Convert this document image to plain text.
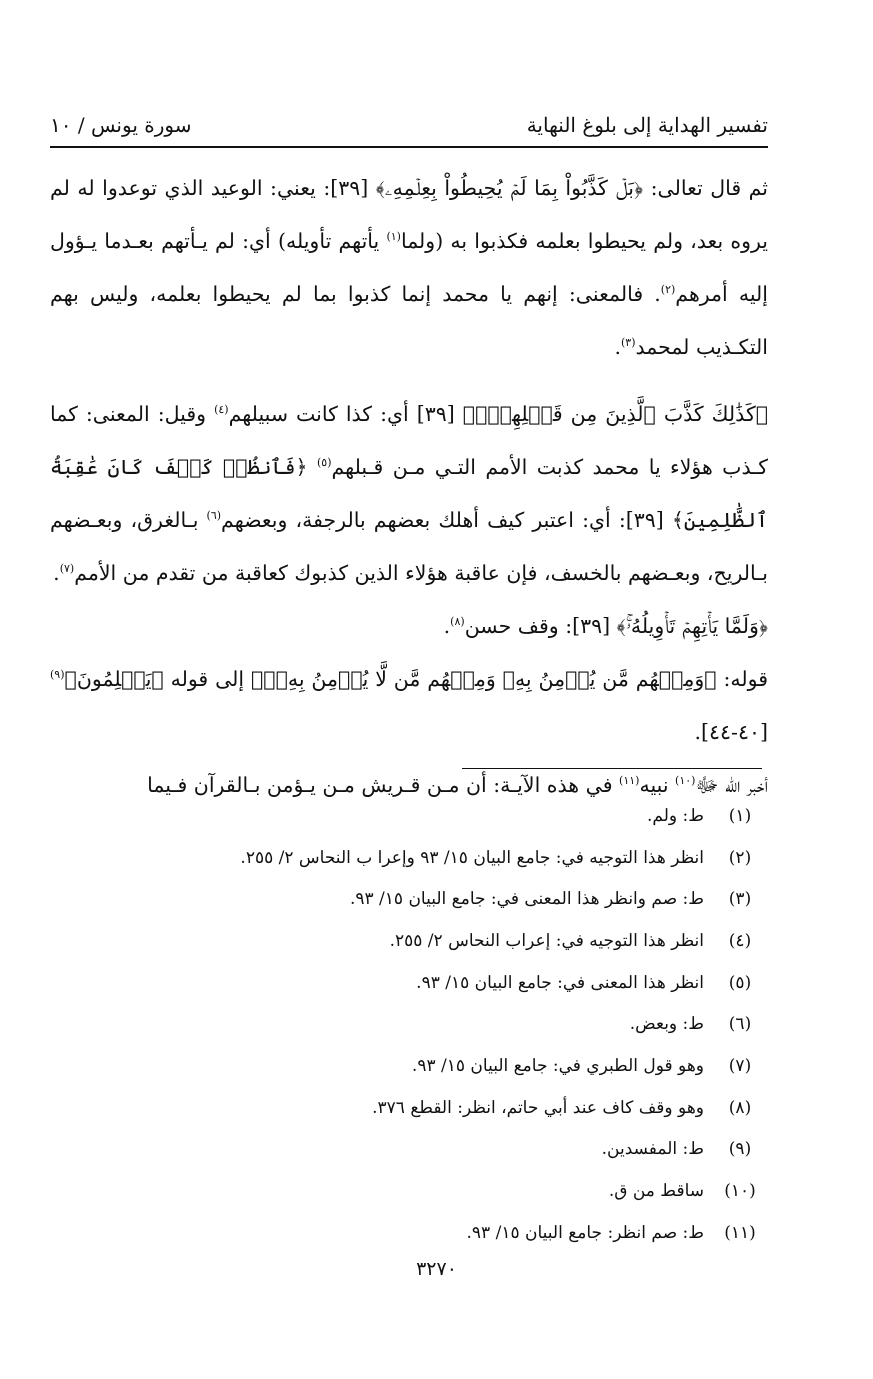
تفسير الهداية إلى بلوغ النهاية
سورة يونس / ١٠

ثم قال تعالى: ﴿بَلۡ كَذَّبُواْ بِمَا لَمۡ يُحِيطُواْ بِعِلۡمِهِۦ﴾ [٣٩]: يعني: الوعيد الذي توعدوا له لم يروه بعد، ولم يحيطوا بعلمه فكذبوا به (ولما$^{(١)}$ يأتهم تأويله) أي: لم يـأتهم بعـدما يـؤول إليه أمرهم$^{(٢)}$. فالمعنى: إنهم يا محمد إنما كذبوا بما لم يحيطوا بعلمه، وليس بهم التكـذيب لمحمد$^{(٣)}$.

﴿كَذَٰلِكَ كَذَّبَ ٱلَّذِينَ مِن قَبۡلِهِمۡۖ﴾ [٣٩] أي: كذا كانت سبيلهم$^{(٤)}$ وقيل: المعنى: كما كـذب هؤلاء يا محمد كذبت الأمم التـي مـن قـبلهم$^{(٥)}$ ﴿فَٱنظُرۡ كَيۡفَ كَانَ عَٰقِبَةُ ٱلظَّٰلِمِينَ﴾ [٣٩]: أي: اعتبر كيف أهلك بعضهم بالرجفة، وبعضهم$^{(٦)}$ بـالغرق، وبعـضهم بـالريح، وبعـضهم بالخسف، فإن عاقبة هؤلاء الذين كذبوك كعاقبة من تقدم من الأمم$^{(٧)}$.

﴿وَلَمَّا يَأۡتِهِمۡ تَأۡوِيلُهُۥۚ﴾ [٣٩]: وقف حسن$^{(٨)}$.

قوله: ﴿وَمِنۡهُم مَّن يُؤۡمِنُ بِهِۦ وَمِنۡهُم مَّن لَّا يُؤۡمِنُ بِهِۦۚ﴾ إلى قوله ﴿يَظۡلِمُونَ﴾$^{(٩)}$[٤٠-٤٤].

أخبر الله ﷻ$^{(١٠)}$ نبيه$^{(١١)}$ في هذه الآيـة: أن مـن قـريش مـن يـؤمن بـالقرآن فـيما

(١)
ط: ولم.
(٢)
انظر هذا التوجيه في: جامع البيان ١٥/ ٩٣ وإعرا ب النحاس ٢/ ٢٥٥.
(٣)
ط: صم وانظر هذا المعنى في: جامع البيان ١٥/ ٩٣.
(٤)
انظر هذا التوجيه في: إعراب النحاس ٢/ ٢٥٥.
(٥)
انظر هذا المعنى في: جامع البيان ١٥/ ٩٣.
(٦)
ط: وبعض.
(٧)
وهو قول الطبري في: جامع البيان ١٥/ ٩٣.
(٨)
وهو وقف كاف عند أبي حاتم، انظر: القطع ٣٧٦.
(٩)
ط: المفسدين.
(١٠)
ساقط من ق.
(١١)
ط: صم انظر: جامع البيان ١٥/ ٩٣.
٣٢٧٠
